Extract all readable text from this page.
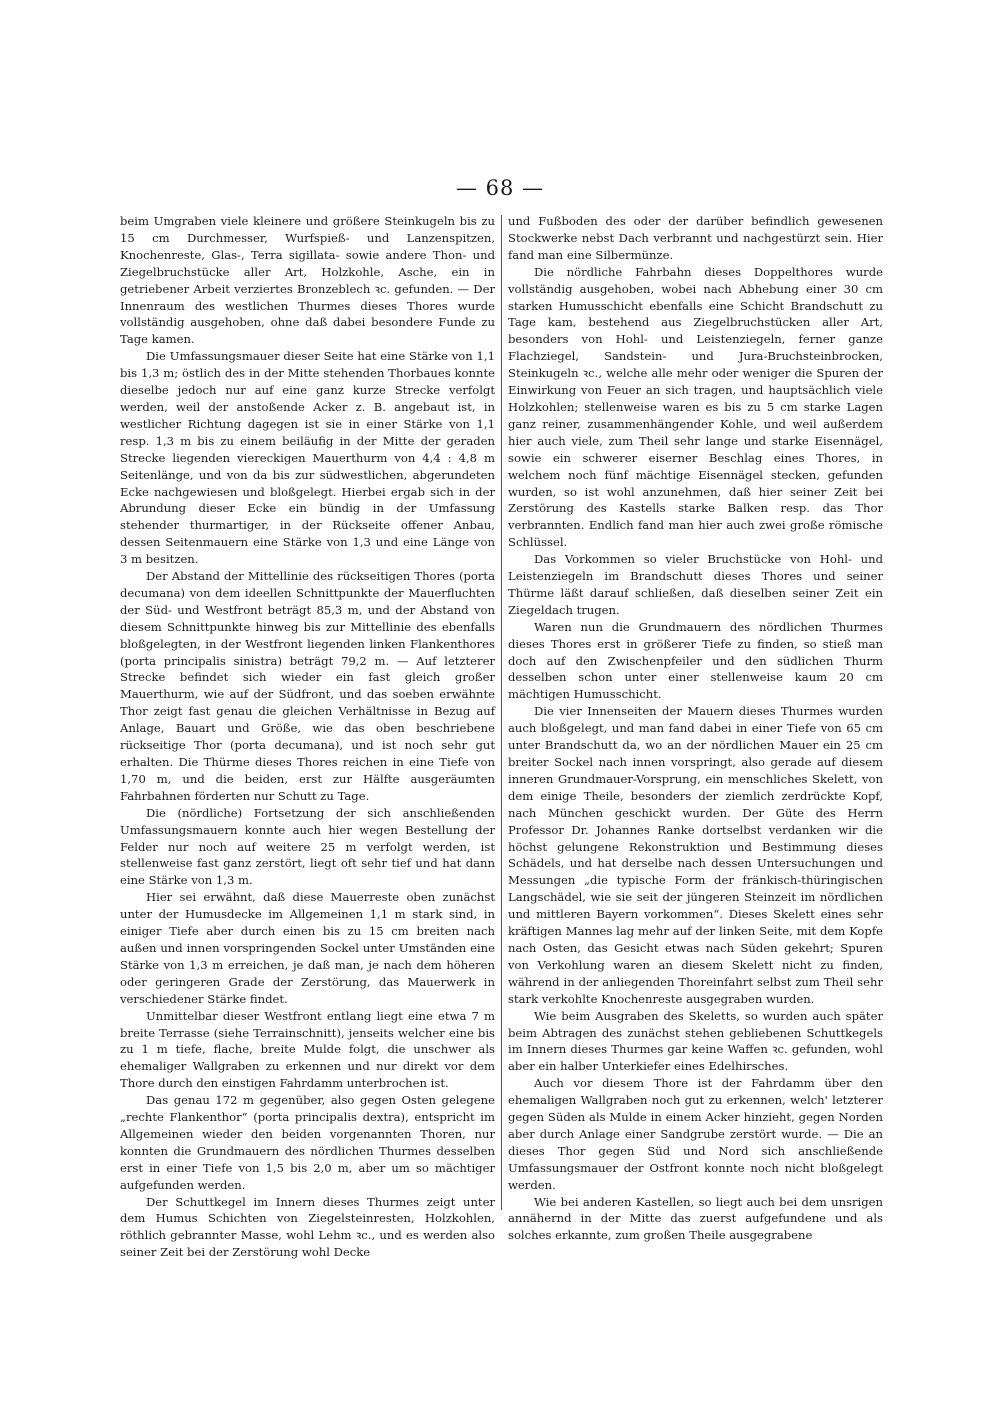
— 68 —

beim Umgraben viele kleinere und größere Steinkugeln bis zu 15 cm Durchmesser, Wurfspieß- und Lanzenspitzen, Knochenreste, Glas-, Terra sigillata- sowie andere Thon- und Ziegelbruchstücke aller Art, Holzkohle, Asche, ein in getriebener Arbeit verziertes Bronzeblech ꝛc. gefunden. — Der Innenraum des westlichen Thurmes dieses Thores wurde vollständig ausgehoben, ohne daß dabei besondere Funde zu Tage kamen.

Die Umfassungsmauer dieser Seite hat eine Stärke von 1,1 bis 1,3 m; östlich des in der Mitte stehenden Thorbaues konnte dieselbe jedoch nur auf eine ganz kurze Strecke verfolgt werden, weil der anstoßende Acker z. B. angebaut ist, in westlicher Richtung dagegen ist sie in einer Stärke von 1,1 resp. 1,3 m bis zu einem beiläufig in der Mitte der geraden Strecke liegenden viereckigen Mauerthurm von 4,4 : 4,8 m Seitenlänge, und von da bis zur südwestlichen, abgerundeten Ecke nachgewiesen und bloßgelegt. Hierbei ergab sich in der Abrundung dieser Ecke ein bündig in der Umfassung stehender thurmartiger, in der Rückseite offener Anbau, dessen Seitenmauern eine Stärke von 1,3 und eine Länge von 3 m besitzen.

Der Abstand der Mittellinie des rückseitigen Thores (porta decumana) von dem ideellen Schnittpunkte der Mauerfluchten der Süd- und Westfront beträgt 85,3 m, und der Abstand von diesem Schnittpunkte hinweg bis zur Mittellinie des ebenfalls bloßgelegten, in der Westfront liegenden linken Flankenthores (porta principalis sinistra) beträgt 79,2 m. — Auf letzterer Strecke befindet sich wieder ein fast gleich großer Mauerthurm, wie auf der Südfront, und das soeben erwähnte Thor zeigt fast genau die gleichen Verhältnisse in Bezug auf Anlage, Bauart und Größe, wie das oben beschriebene rückseitige Thor (porta decumana), und ist noch sehr gut erhalten. Die Thürme dieses Thores reichen in eine Tiefe von 1,70 m, und die beiden, erst zur Hälfte ausgeräumten Fahrbahnen förderten nur Schutt zu Tage.

Die (nördliche) Fortsetzung der sich anschließenden Umfassungsmauern konnte auch hier wegen Bestellung der Felder nur noch auf weitere 25 m verfolgt werden, ist stellenweise fast ganz zerstört, liegt oft sehr tief und hat dann eine Stärke von 1,3 m.

Hier sei erwähnt, daß diese Mauerreste oben zunächst unter der Humusdecke im Allgemeinen 1,1 m stark sind, in einiger Tiefe aber durch einen bis zu 15 cm breiten nach außen und innen vorspringenden Sockel unter Umständen eine Stärke von 1,3 m erreichen, je daß man, je nach dem höheren oder geringeren Grade der Zerstörung, das Mauerwerk in verschiedener Stärke findet.

Unmittelbar dieser Westfront entlang liegt eine etwa 7 m breite Terrasse (siehe Terrainschnitt), jenseits welcher eine bis zu 1 m tiefe, flache, breite Mulde folgt, die unschwer als ehemaliger Wallgraben zu erkennen und nur direkt vor dem Thore durch den einstigen Fahrdamm unterbrochen ist.

Das genau 172 m gegenüber, also gegen Osten gelegene „rechte Flankenthor“ (porta principalis dextra), entspricht im Allgemeinen wieder den beiden vorgenannten Thoren, nur konnten die Grundmauern des nördlichen Thurmes desselben erst in einer Tiefe von 1,5 bis 2,0 m, aber um so mächtiger aufgefunden werden.

Der Schuttkegel im Innern dieses Thurmes zeigt unter dem Humus Schichten von Ziegelsteinresten, Holzkohlen, röthlich gebrannter Masse, wohl Lehm ꝛc., und es werden also seiner Zeit bei der Zerstörung wohl Decke

und Fußboden des oder der darüber befindlich gewesenen Stockwerke nebst Dach verbrannt und nachgestürzt sein. Hier fand man eine Silbermünze.

Die nördliche Fahrbahn dieses Doppelthores wurde vollständig ausgehoben, wobei nach Abhebung einer 30 cm starken Humusschicht ebenfalls eine Schicht Brandschutt zu Tage kam, bestehend aus Ziegelbruchstücken aller Art, besonders von Hohl- und Leistenziegeln, ferner ganze Flachziegel, Sandstein- und Jura-Bruchsteinbrocken, Steinkugeln ꝛc., welche alle mehr oder weniger die Spuren der Einwirkung von Feuer an sich tragen, und hauptsächlich viele Holzkohlen; stellenweise waren es bis zu 5 cm starke Lagen ganz reiner, zusammenhängender Kohle, und weil außerdem hier auch viele, zum Theil sehr lange und starke Eisennägel, sowie ein schwerer eiserner Beschlag eines Thores, in welchem noch fünf mächtige Eisennägel stecken, gefunden wurden, so ist wohl anzunehmen, daß hier seiner Zeit bei Zerstörung des Kastells starke Balken resp. das Thor verbrannten. Endlich fand man hier auch zwei große römische Schlüssel.

Das Vorkommen so vieler Bruchstücke von Hohl- und Leistenziegeln im Brandschutt dieses Thores und seiner Thürme läßt darauf schließen, daß dieselben seiner Zeit ein Ziegeldach trugen.

Waren nun die Grundmauern des nördlichen Thurmes dieses Thores erst in größerer Tiefe zu finden, so stieß man doch auf den Zwischenpfeiler und den südlichen Thurm desselben schon unter einer stellenweise kaum 20 cm mächtigen Humusschicht.

Die vier Innenseiten der Mauern dieses Thurmes wurden auch bloßgelegt, und man fand dabei in einer Tiefe von 65 cm unter Brandschutt da, wo an der nördlichen Mauer ein 25 cm breiter Sockel nach innen vorspringt, also gerade auf diesem inneren Grundmauer-Vorsprung, ein menschliches Skelett, von dem einige Theile, besonders der ziemlich zerdrückte Kopf, nach München geschickt wurden. Der Güte des Herrn Professor Dr. Johannes Ranke dortselbst verdanken wir die höchst gelungene Rekonstruktion und Bestimmung dieses Schädels, und hat derselbe nach dessen Untersuchungen und Messungen „die typische Form der fränkisch-thüringischen Langschädel, wie sie seit der jüngeren Steinzeit im nördlichen und mittleren Bayern vorkommen“. Dieses Skelett eines sehr kräftigen Mannes lag mehr auf der linken Seite, mit dem Kopfe nach Osten, das Gesicht etwas nach Süden gekehrt; Spuren von Verkohlung waren an diesem Skelett nicht zu finden, während in der anliegenden Thoreinfahrt selbst zum Theil sehr stark verkohlte Knochenreste ausgegraben wurden.

Wie beim Ausgraben des Skeletts, so wurden auch später beim Abtragen des zunächst stehen gebliebenen Schuttkegels im Innern dieses Thurmes gar keine Waffen ꝛc. gefunden, wohl aber ein halber Unterkiefer eines Edelhirsches.

Auch vor diesem Thore ist der Fahrdamm über den ehemaligen Wallgraben noch gut zu erkennen, welch' letzterer gegen Süden als Mulde in einem Acker hinzieht, gegen Norden aber durch Anlage einer Sandgrube zerstört wurde. — Die an dieses Thor gegen Süd und Nord sich anschließende Umfassungsmauer der Ostfront konnte noch nicht bloßgelegt werden.

Wie bei anderen Kastellen, so liegt auch bei dem unsrigen annähernd in der Mitte das zuerst aufgefundene und als solches erkannte, zum großen Theile ausgegrabene
